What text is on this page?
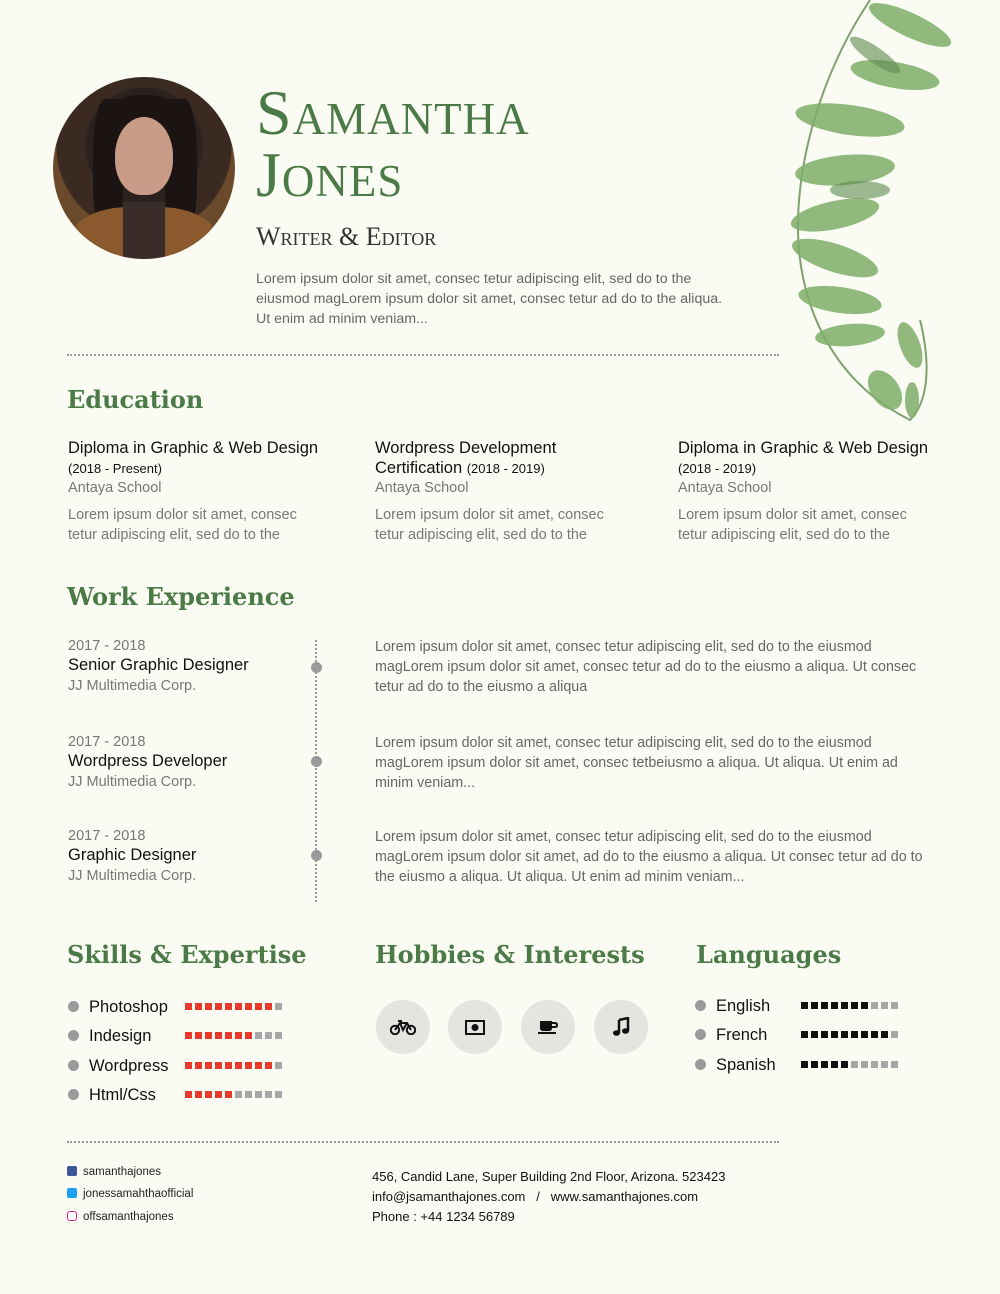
Samantha
Jones
Writer & Editor
Lorem ipsum dolor sit amet, consec tetur adipiscing elit, sed do to the eiusmod magLorem ipsum dolor sit amet, consec tetur ad do to the aliqua. Ut enim ad minim veniam...
Education
Diploma in Graphic & Web Design (2018 - Present)
Antaya School
Lorem ipsum dolor sit amet, consec tetur adipiscing elit, sed do to the
Wordpress Development Certification (2018 - 2019)
Antaya School
Lorem ipsum dolor sit amet, consec tetur adipiscing elit, sed do to the
Diploma in Graphic & Web Design (2018 - 2019)
Antaya School
Lorem ipsum dolor sit amet, consec tetur adipiscing elit, sed do to the
Work Experience
2017 - 2018
Senior Graphic Designer
JJ Multimedia Corp.
Lorem ipsum dolor sit amet, consec tetur adipiscing elit, sed do to the eiusmod magLorem ipsum dolor sit amet, consec tetur ad do to the eiusmo a aliqua. Ut consec tetur ad do to the eiusmo a aliqua
2017 - 2018
Wordpress Developer
JJ Multimedia Corp.
Lorem ipsum dolor sit amet, consec tetur adipiscing elit, sed do to the eiusmod magLorem ipsum dolor sit amet, consec tetbeiusmo a aliqua. Ut aliqua. Ut enim ad minim veniam...
2017 - 2018
Graphic Designer
JJ Multimedia Corp.
Lorem ipsum dolor sit amet, consec tetur adipiscing elit, sed do to the eiusmod magLorem ipsum dolor sit amet, ad do to the eiusmo a aliqua. Ut consec tetur ad do to the eiusmo a aliqua. Ut aliqua. Ut enim ad minim veniam...
Skills & Expertise
Photoshop
Indesign
Wordpress
Html/Css
Hobbies & Interests Languages
English
French
Spanish
samanthajones
jonessamahthaofficial
offsamanthajones
456, Candid Lane, Super Building 2nd Floor, Arizona. 523423
info@jsamanthajones.com / www.samanthajones.com
Phone : +44 1234 56789
